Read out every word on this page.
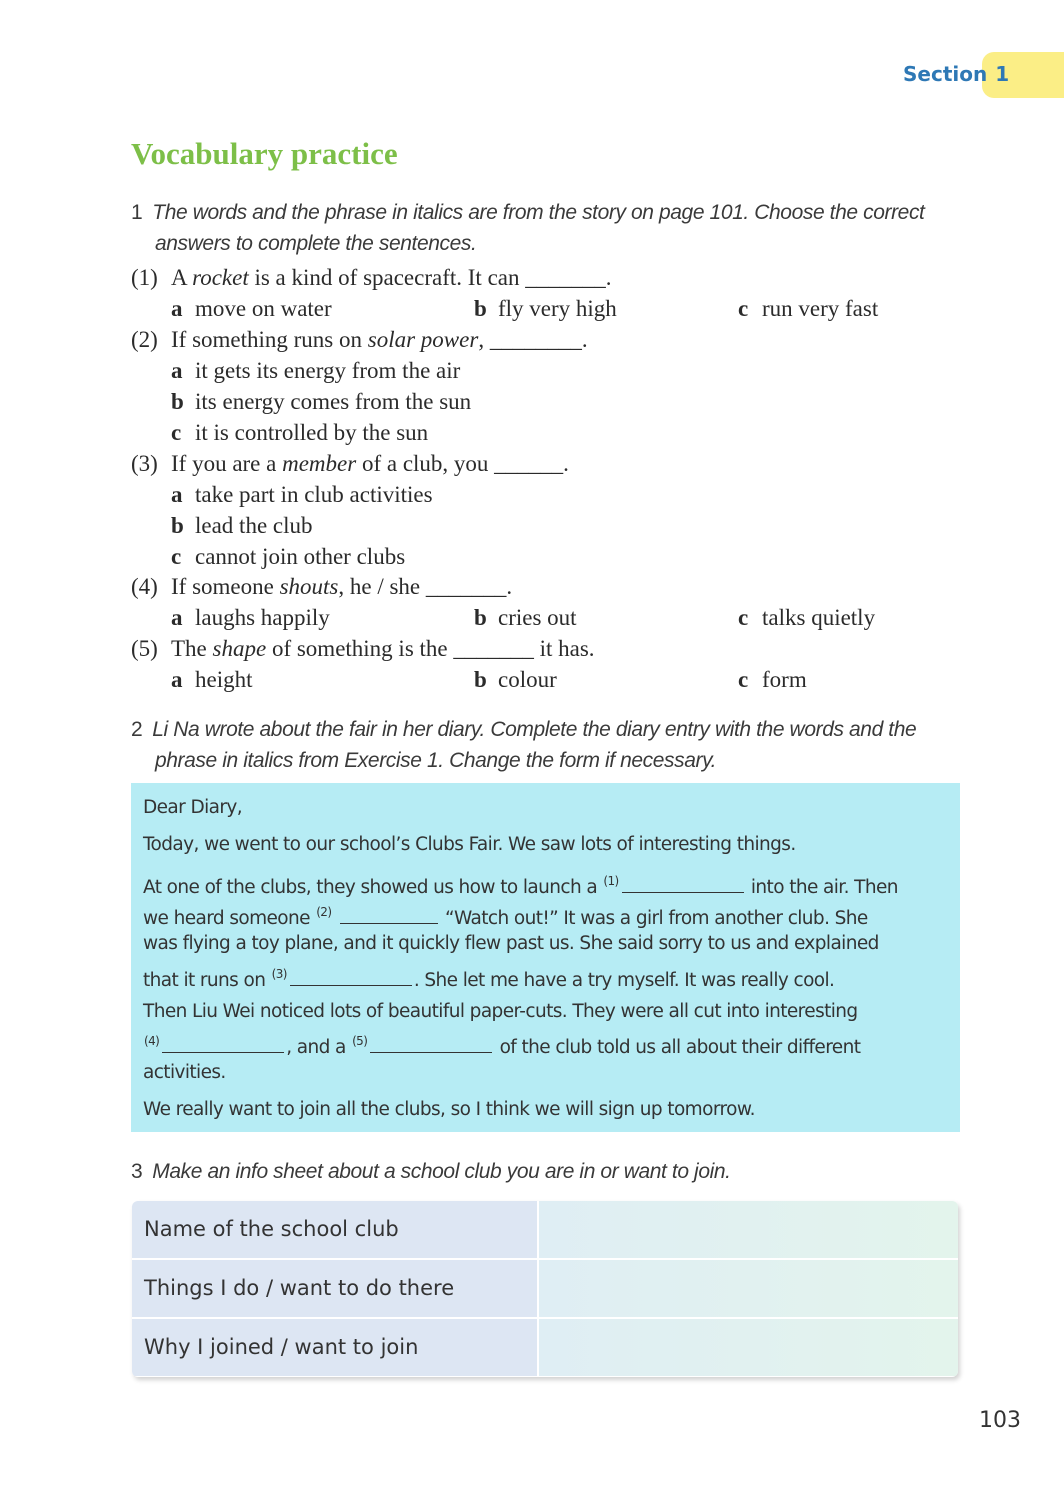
Section 1
Vocabulary practice
1 The words and the phrase in italics are from the story on page 101. Choose the correct
answers to complete the sentences.
(1) A rocket is a kind of spacecraft. It can _______.
a move on water	b fly very high	c run very fast
(2) If something runs on solar power, ________.
a it gets its energy from the air
b its energy comes from the sun
c it is controlled by the sun
(3) If you are a member of a club, you ______.
a take part in club activities
b lead the club
c cannot join other clubs
(4) If someone shouts, he / she _______.
a laughs happily	b cries out	c talks quietly
(5) The shape of something is the _______ it has.
a height	b colour	c form
2 Li Na wrote about the fair in her diary. Complete the diary entry with the words and the
phrase in italics from Exercise 1. Change the form if necessary.
Dear Diary,
Today, we went to our school’s Clubs Fair. We saw lots of interesting things.
At one of the clubs, they showed us how to launch a $^{(1)}$	into the air. Then
we heard someone $^{(2)}$	“Watch out!” It was a girl from another club. She
was flying a toy plane, and it quickly flew past us. She said sorry to us and explained
that it runs on $^{(3)}$	. She let me have a try myself. It was really cool.
Then Liu Wei noticed lots of beautiful paper-cuts. They were all cut into interesting
$^{(4)}$	, and a $^{(5)}$	of the club told us all about their different
activities.
We really want to join all the clubs, so I think we will sign up tomorrow.
3 Make an info sheet about a school club you are in or want to join.
Name of the school club
Things I do / want to do there
Why I joined / want to join
103
